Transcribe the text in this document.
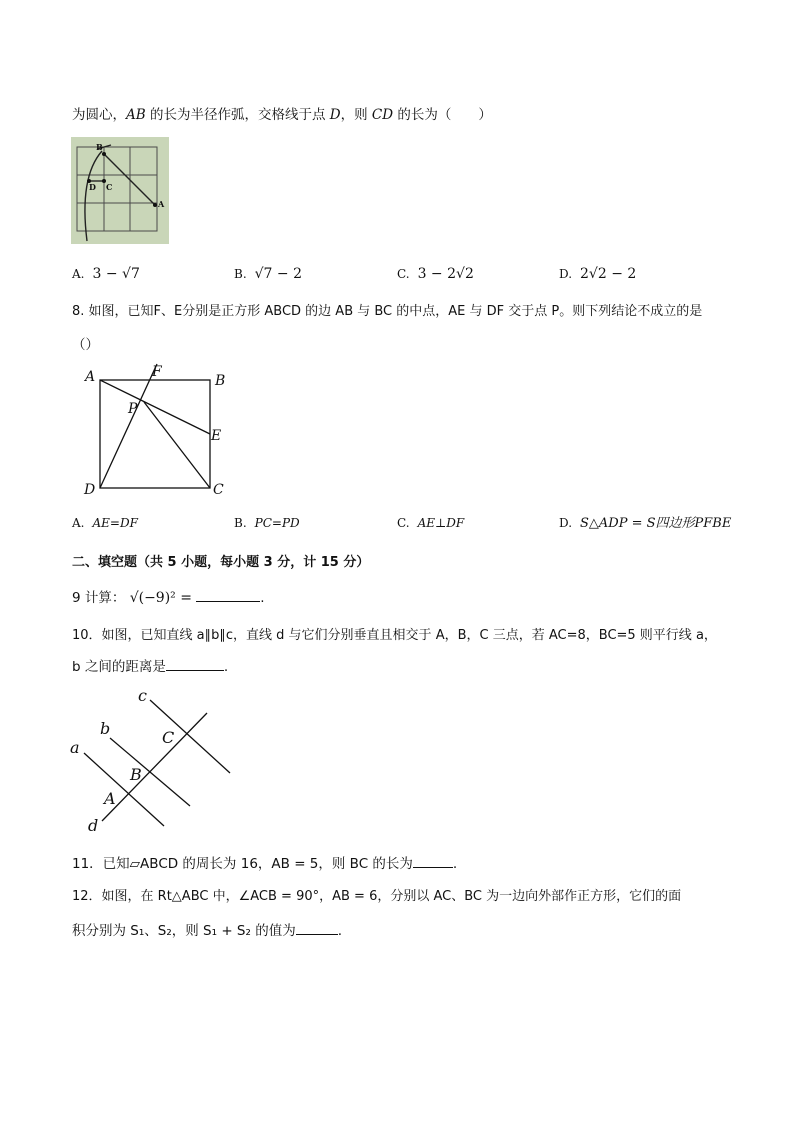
为圆心，AB 的长为半径作弧，交格线于点 D，则 CD 的长为（　　）
B
D C
A
A. 3 − √7	B. √7 − 2	C. 3 − 2√2	D. 2√2 − 2
8. 如图，已知F、E分别是正方形 ABCD 的边 AB 与 BC 的中点，AE 与 DF 交于点 P。则下列结论不成立的是
（）
A	F
B
P
E
D	C
A. AE=DF	B. PC=PD	C. AE⊥DF	D. S△ADP = S四边形PFBE
二、填空题（共 5 小题，每小题 3 分，计 15 分）
9 计算： √(−9)² =	.
10．如图，已知直线 a∥b∥c，直线 d 与它们分别垂直且相交于 A，B，C 三点，若 AC=8，BC=5 则平行线 a，
b 之间的距离是	.
c
b
a
C
B
A
d
11．已知▱ABCD 的周长为 16，AB = 5，则 BC 的长为	.
12．如图，在 Rt△ABC 中，∠ACB = 90°，AB = 6，分别以 AC、BC 为一边向外部作正方形，它们的面
积分别为 S₁、S₂，则 S₁ + S₂ 的值为	.
